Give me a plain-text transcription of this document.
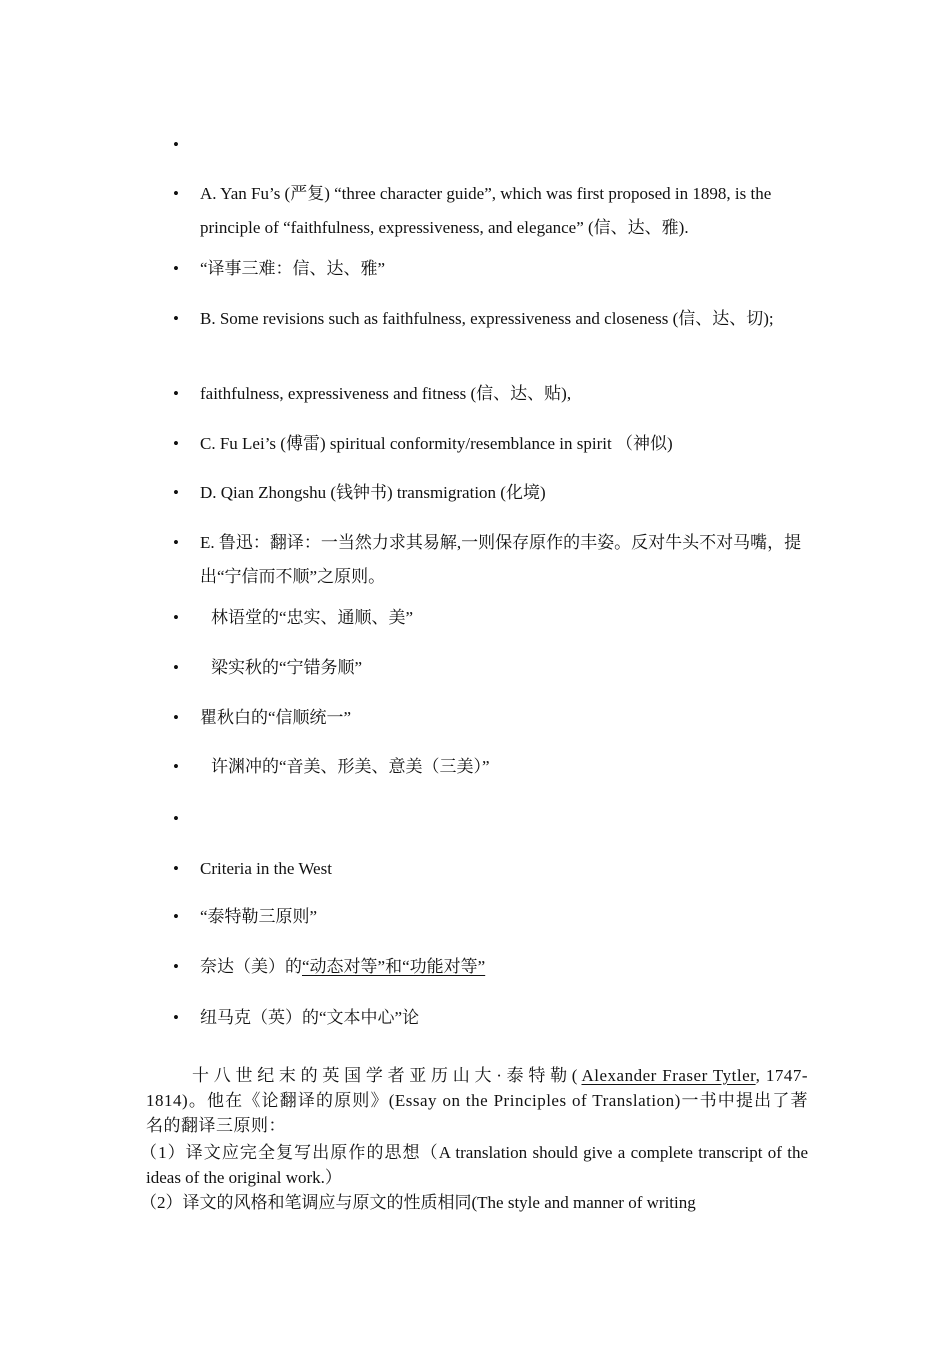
• A. Yan Fu’s (严复) “three character guide”, which was first proposed in 1898, is the principle of “faithfulness, expressiveness, and elegance” (信、达、雅).
• “译事三难：信、达、雅”
• B. Some revisions such as faithfulness, expressiveness and closeness (信、达、切);
• faithfulness, expressiveness and fitness (信、达、贴),
• C. Fu Lei’s (傅雷) spiritual conformity/resemblance in spirit （神似)
• D. Qian Zhongshu (钱钟书) transmigration (化境)
• E. 鲁迅：翻译：一当然力求其易解,一则保存原作的丰姿。反对牛头不对马嘴，提出“宁信而不顺”之原则。
• 林语堂的“忠实、通顺、美”
• 梁实秋的“宁错务顺”
• 瞿秋白的“信顺统一”
• 许渊冲的“音美、形美、意美（三美）”
• Criteria in the West
• “泰特勒三原则”
• 奈达（美）的“动态对等”和“功能对等”
• 纽马克（英）的“文本中心”论
十八世纪末的英国学者亚历山大·泰特勒(Alexander Fraser Tytler, 1747-1814)。他在《论翻译的原则》(Essay on the Principles of Translation)一书中提出了著名的翻译三原则：
（1）译文应完全复写出原作的思想（A translation should give a complete transcript of the ideas of the original work.）
（2）译文的风格和笔调应与原文的性质相同(The style and manner of writing
